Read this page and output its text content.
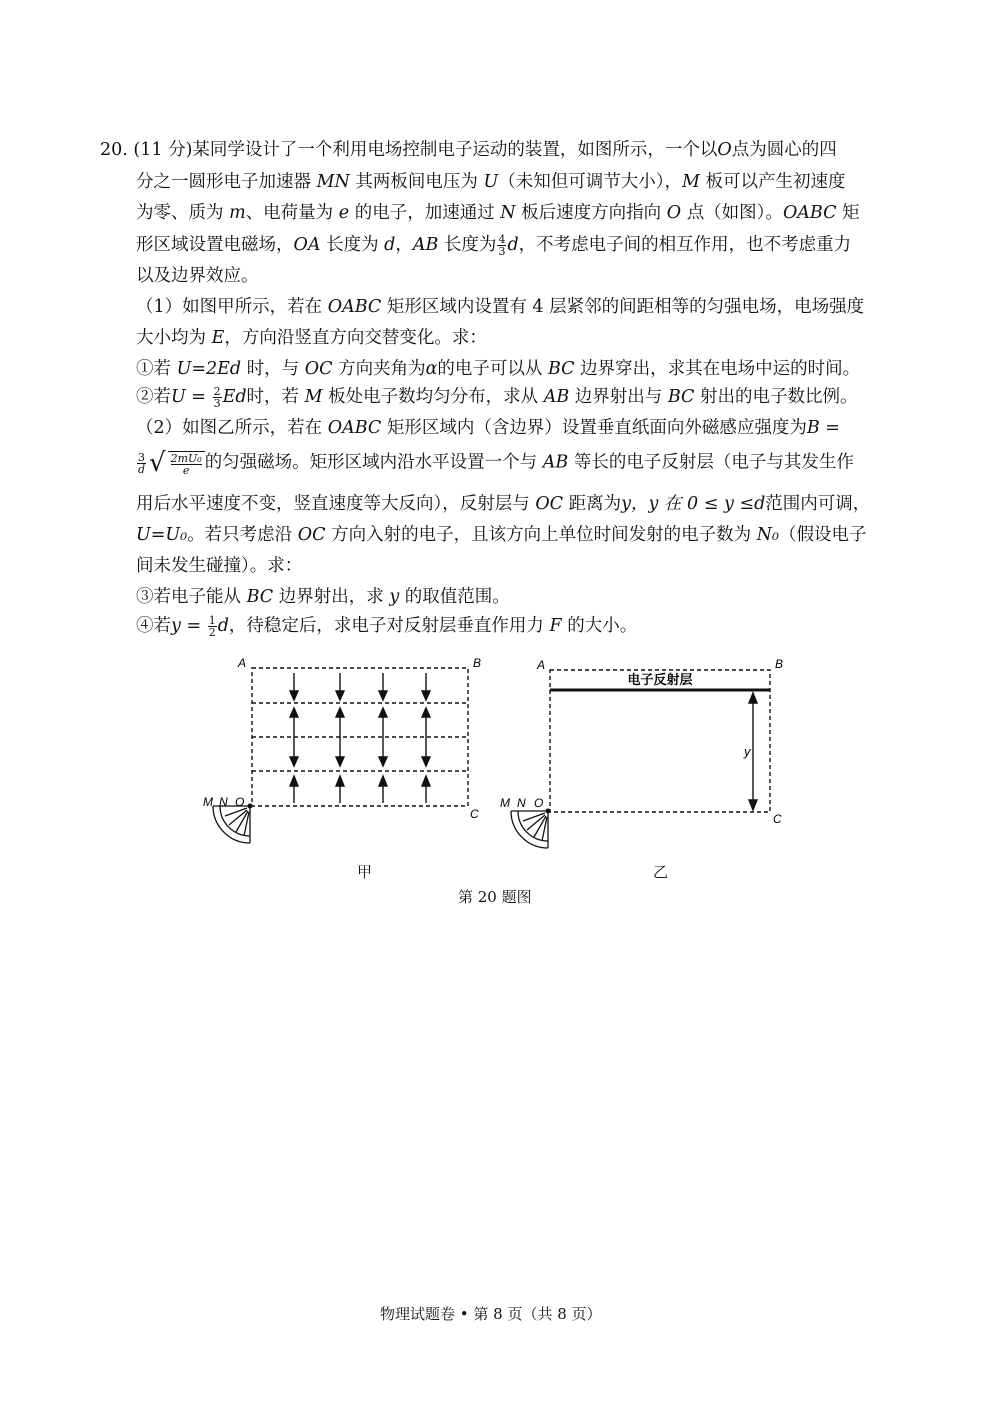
20. (11 分)某同学设计了一个利用电场控制电子运动的装置，如图所示，一个以O点为圆心的四
分之一圆形电子加速器 MN 其两板间电压为 U（未知但可调节大小），M 板可以产生初速度
为零、质为 m、电荷量为 e 的电子，加速通过 N 板后速度方向指向 O 点（如图）。OABC 矩
形区域设置电磁场，OA 长度为 d，AB 长度为 $\frac{4}{3}$ d，不考虑电子间的相互作用，也不考虑重力
以及边界效应。
（1）如图甲所示，若在 OABC 矩形区域内设置有 4 层紧邻的间距相等的匀强电场，电场强度
大小均为 E，方向沿竖直方向交替变化。求：
①若 U=2Ed 时，与 OC 方向夹角为α的电子可以从 BC 边界穿出，求其在电场中运的时间。
②若$U = \frac{2}{3}$ Ed时，若 M 板处电子数均匀分布，求从 AB 边界射出与 BC 射出的电子数比例。
（2）如图乙所示，若在 OABC 矩形区域内（含边界）设置垂直纸面向外磁感应强度为B =
$\frac{3}{d}$ √ $\frac{\text{2mU₀}}{e}$ 的匀强磁场。矩形区域内沿水平设置一个与 AB 等长的电子反射层（电子与其发生作
用后水平速度不变，竖直速度等大反向），反射层与 OC 距离为y，y 在 0 ≤ y ≤d范围内可调，
U=U₀。若只考虑沿 OC 方向入射的电子，且该方向上单位时间发射的电子数为 N₀（假设电子
间未发生碰撞）。求：
③若电子能从 BC 边界射出，求 y 的取值范围。
④若$y = \frac{1}{2}$ d，待稳定后，求电子对反射层垂直作用力 F 的大小。
A	B
C
M N O
电子反射层
y
A	B
C
M N O
甲	乙
第 20 题图
物理试题卷 • 第 8 页（共 8 页）
